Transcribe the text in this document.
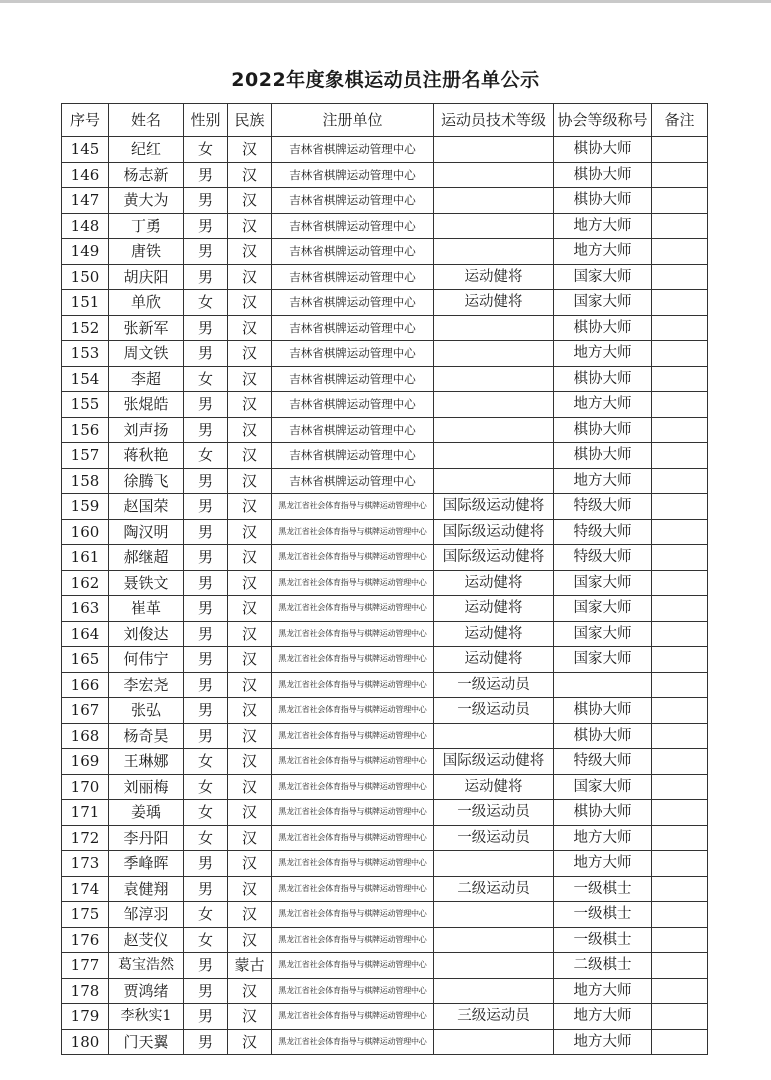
2022年度象棋运动员注册名单公示
序号	姓名	性别	民族	注册单位	运动员技术等级	协会等级称号	备注
145	纪红	女	汉	吉林省棋牌运动管理中心		棋协大师	
146	杨志新	男	汉	吉林省棋牌运动管理中心		棋协大师	
147	黄大为	男	汉	吉林省棋牌运动管理中心		棋协大师	
148	丁勇	男	汉	吉林省棋牌运动管理中心		地方大师	
149	唐铁	男	汉	吉林省棋牌运动管理中心		地方大师	
150	胡庆阳	男	汉	吉林省棋牌运动管理中心	运动健将	国家大师	
151	单欣	女	汉	吉林省棋牌运动管理中心	运动健将	国家大师	
152	张新军	男	汉	吉林省棋牌运动管理中心		棋协大师	
153	周文铁	男	汉	吉林省棋牌运动管理中心		地方大师	
154	李超	女	汉	吉林省棋牌运动管理中心		棋协大师	
155	张焜皓	男	汉	吉林省棋牌运动管理中心		地方大师	
156	刘声扬	男	汉	吉林省棋牌运动管理中心		棋协大师	
157	蒋秋艳	女	汉	吉林省棋牌运动管理中心		棋协大师	
158	徐腾飞	男	汉	吉林省棋牌运动管理中心		地方大师	
159	赵国荣	男	汉	黑龙江省社会体育指导与棋牌运动管理中心	国际级运动健将	特级大师	
160	陶汉明	男	汉	黑龙江省社会体育指导与棋牌运动管理中心	国际级运动健将	特级大师	
161	郝继超	男	汉	黑龙江省社会体育指导与棋牌运动管理中心	国际级运动健将	特级大师	
162	聂铁文	男	汉	黑龙江省社会体育指导与棋牌运动管理中心	运动健将	国家大师	
163	崔革	男	汉	黑龙江省社会体育指导与棋牌运动管理中心	运动健将	国家大师	
164	刘俊达	男	汉	黑龙江省社会体育指导与棋牌运动管理中心	运动健将	国家大师	
165	何伟宁	男	汉	黑龙江省社会体育指导与棋牌运动管理中心	运动健将	国家大师	
166	李宏尧	男	汉	黑龙江省社会体育指导与棋牌运动管理中心	一级运动员		
167	张弘	男	汉	黑龙江省社会体育指导与棋牌运动管理中心	一级运动员	棋协大师	
168	杨奇昊	男	汉	黑龙江省社会体育指导与棋牌运动管理中心		棋协大师	
169	王琳娜	女	汉	黑龙江省社会体育指导与棋牌运动管理中心	国际级运动健将	特级大师	
170	刘丽梅	女	汉	黑龙江省社会体育指导与棋牌运动管理中心	运动健将	国家大师	
171	姜瑀	女	汉	黑龙江省社会体育指导与棋牌运动管理中心	一级运动员	棋协大师	
172	李丹阳	女	汉	黑龙江省社会体育指导与棋牌运动管理中心	一级运动员	地方大师	
173	季峰晖	男	汉	黑龙江省社会体育指导与棋牌运动管理中心		地方大师	
174	袁健翔	男	汉	黑龙江省社会体育指导与棋牌运动管理中心	二级运动员	一级棋士	
175	邹淳羽	女	汉	黑龙江省社会体育指导与棋牌运动管理中心		一级棋士	
176	赵芠仪	女	汉	黑龙江省社会体育指导与棋牌运动管理中心		一级棋士	
177	葛宝浩然	男	蒙古	黑龙江省社会体育指导与棋牌运动管理中心		二级棋士	
178	贾鸿绪	男	汉	黑龙江省社会体育指导与棋牌运动管理中心		地方大师	
179	李秋实1	男	汉	黑龙江省社会体育指导与棋牌运动管理中心	三级运动员	地方大师	
180	门天翼	男	汉	黑龙江省社会体育指导与棋牌运动管理中心		地方大师	
